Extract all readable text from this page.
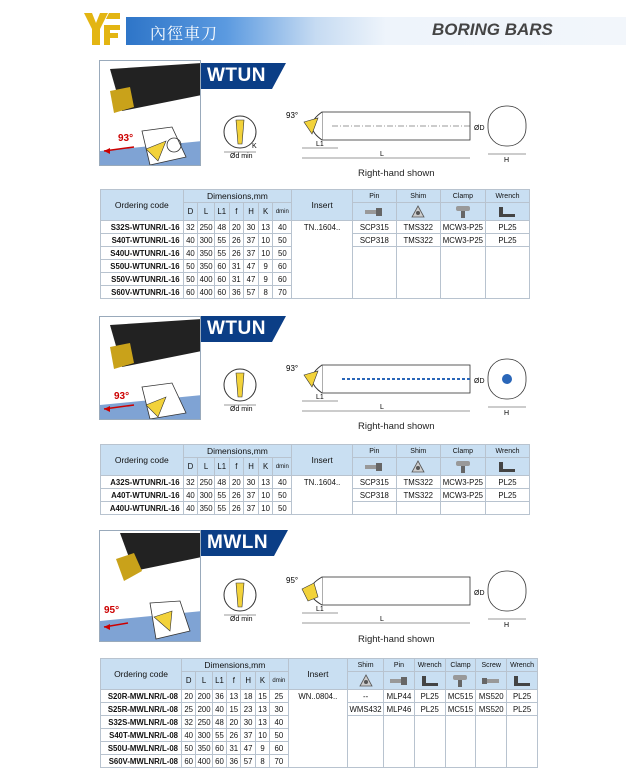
內徑車刀	BORING BARS
93°
WTUN
Ød min
K
93°
L1
L
ØD
H
Right-hand shown
Ordering code	Dimensions,mm							Insert	Pin	Shim	Clamp	Wrench
	D	L	L1	f	H	K	dmin	

S32S-WTUNR/L-16	32	250	48	20	30	13	40	TN..1604..	SCP315	TMS322	MCW3-P25	PL25
S40T-WTUNR/L-16	40	300	55	26	37	10	50		SCP318	TMS322	MCW3-P25	PL25
S40U-WTUNR/L-16	40	350	55	26	37	10	50					
S50U-WTUNR/L-16	50	350	60	31	47	9	60					
S50V-WTUNR/L-16	50	400	60	31	47	9	60					
S60V-WTUNR/L-16	60	400	60	36	57	8	70					
93°
WTUN
Ød min
93°
L1
L
ØD
H
Right-hand shown
Ordering code	Dimensions,mm							Insert	Pin	Shim	Clamp	Wrench
	D	L	L1	f	H	K	dmin	

A32S-WTUNR/L-16	32	250	48	20	30	13	40	TN..1604..	SCP315	TMS322	MCW3-P25	PL25
A40T-WTUNR/L-16	40	300	55	26	37	10	50		SCP318	TMS322	MCW3-P25	PL25
A40U-WTUNR/L-16	40	350	55	26	37	10	50					
95°
MWLN
Ød min
95°
L1
L
ØD
H
Right-hand shown
Ordering code	Dimensions,mm							Insert	Shim	Pin	Wrench	Clamp	Screw	Wrench
	D	L	L1	f	H	K	dmin	

S20R-MWLNR/L-08	20	200	36	13	18	15	25	WN..0804..	--	MLP44	PL25	MC515	MS520	PL25
S25R-MWLNR/L-08	25	200	40	15	23	13	30		WMS432	MLP46	PL25	MC515	MS520	PL25
S32S-MWLNR/L-08	32	250	48	20	30	13	40							
S40T-MWLNR/L-08	40	300	55	26	37	10	50							
S50U-MWLNR/L-08	50	350	60	31	47	9	60							
S60V-MWLNR/L-08	60	400	60	36	57	8	70							
